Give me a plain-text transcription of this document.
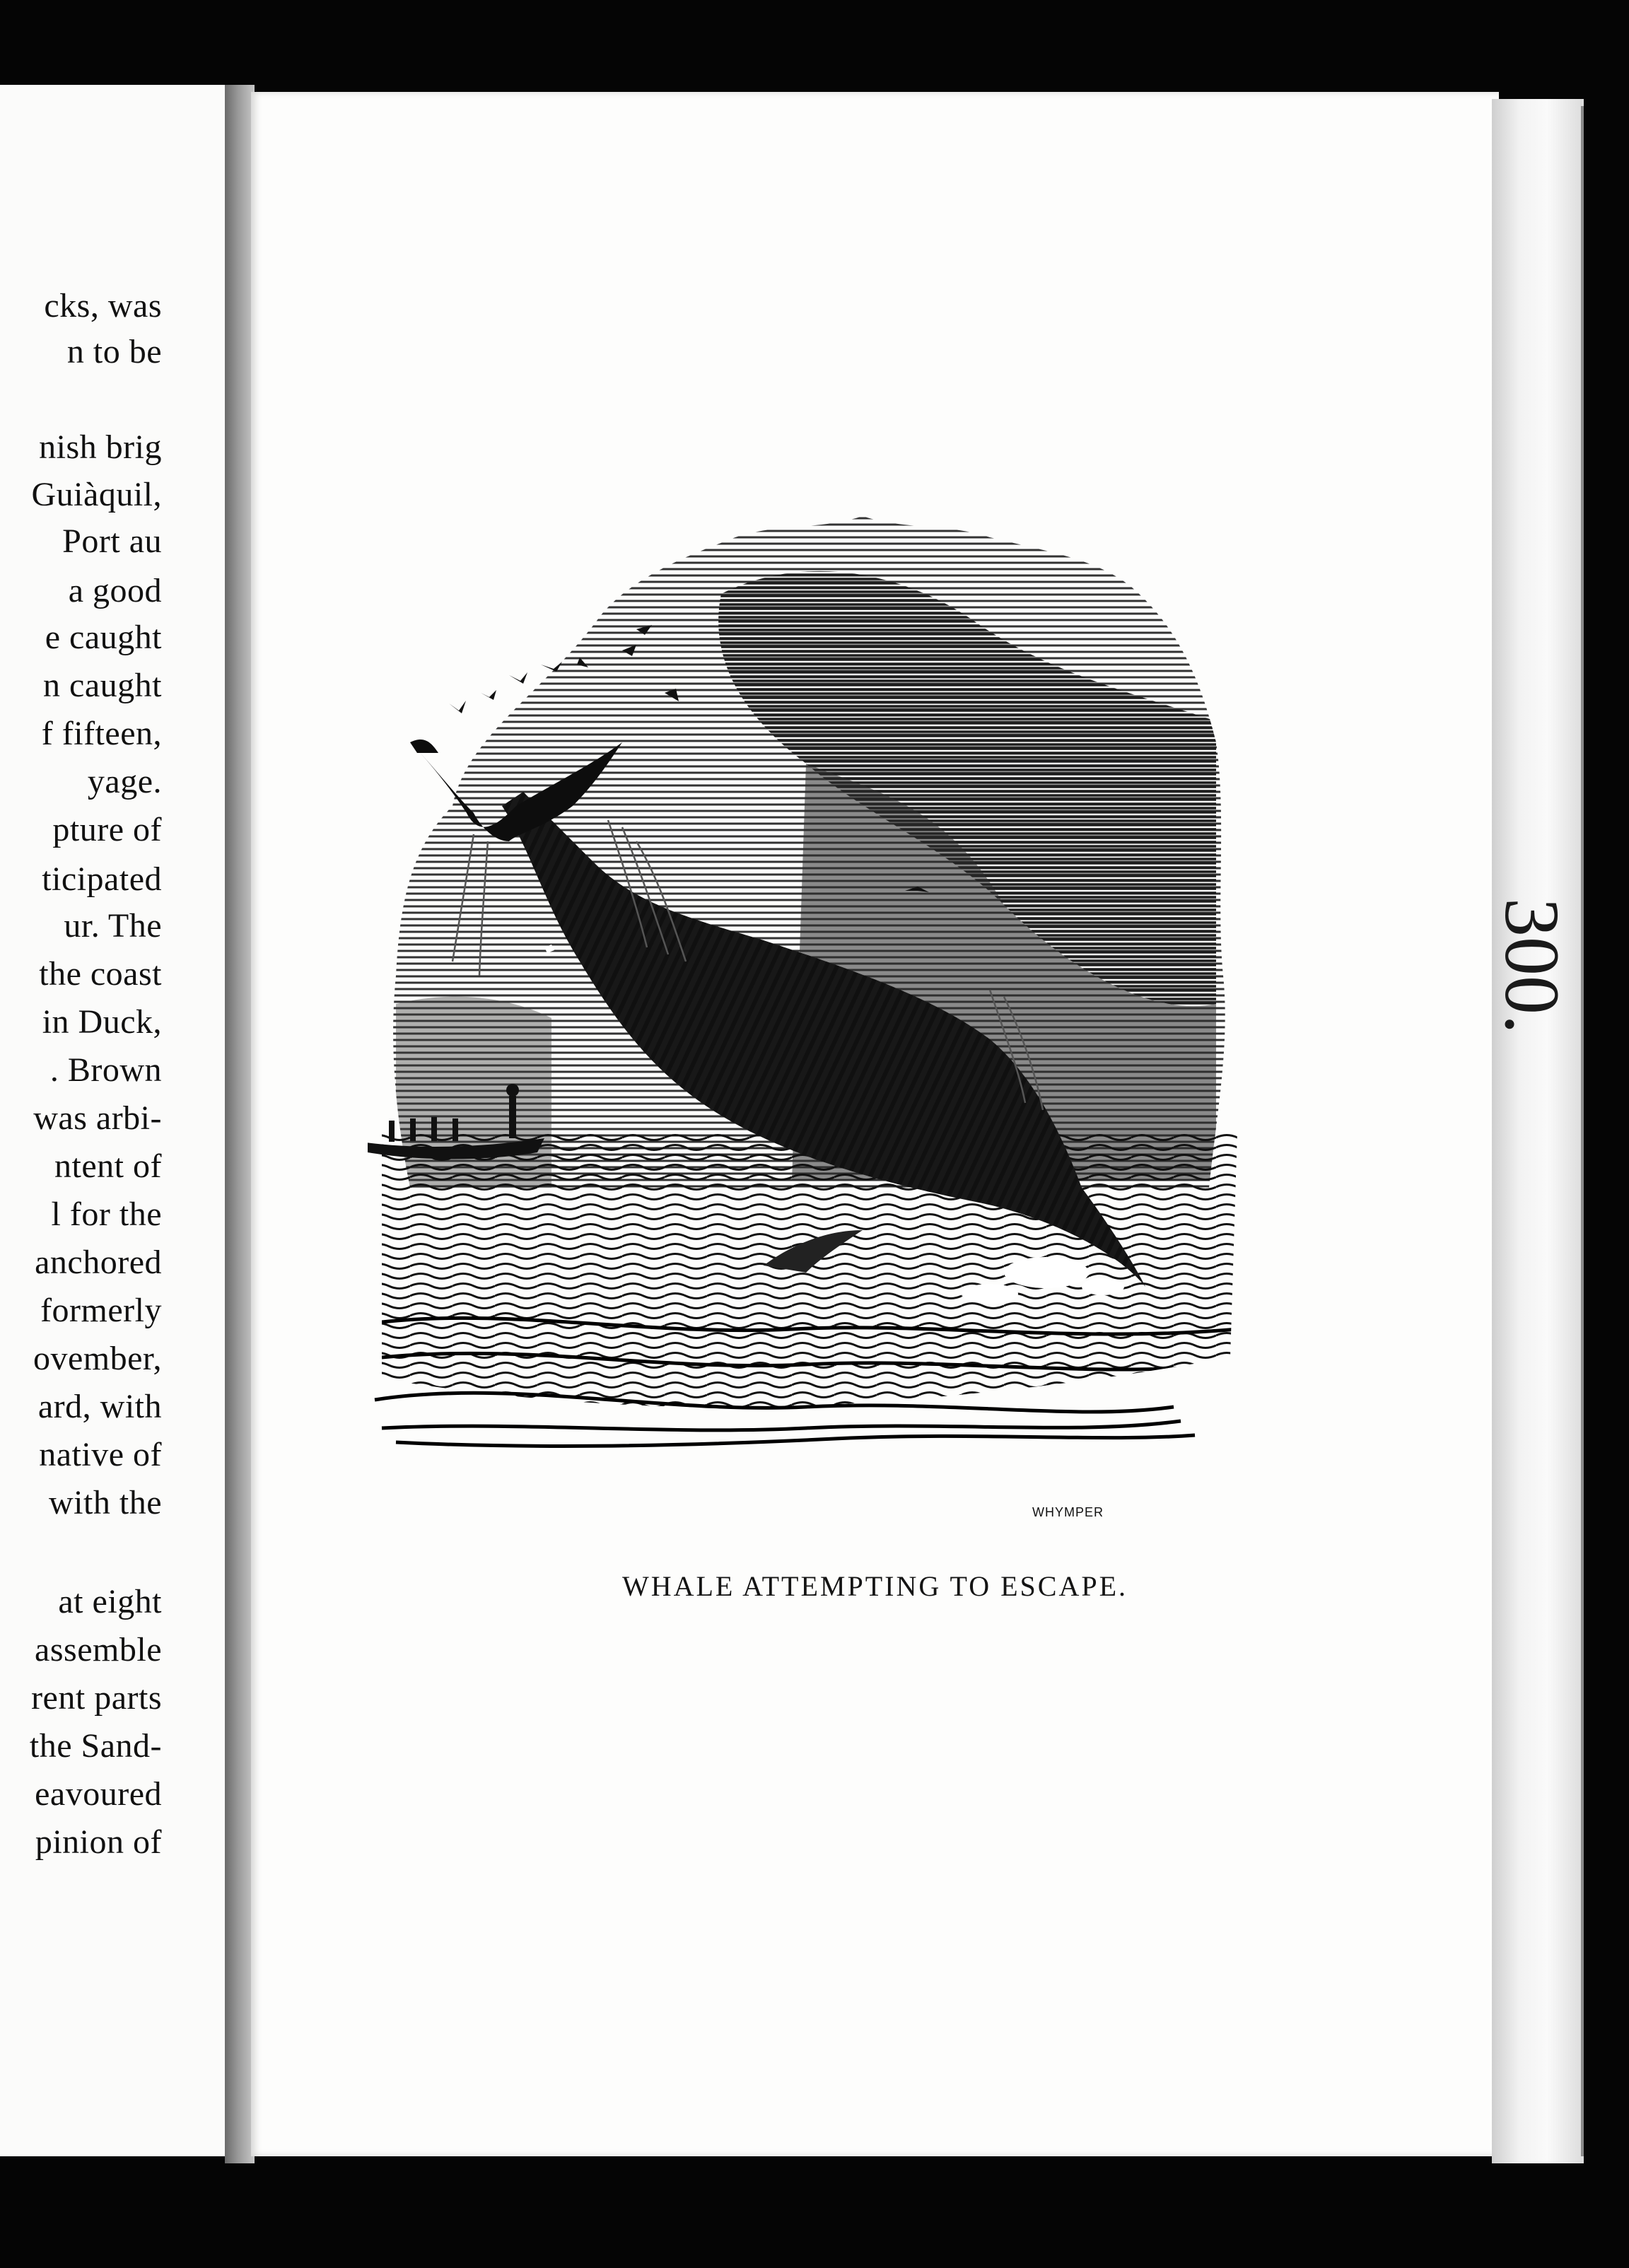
cks, was
n to be
nish brig
Guiàquil,
Port au
a good
e caught
n caught
f fifteen,
yage.
pture of
ticipated
ur. The
the coast
in Duck,
. Brown
was arbi-
ntent of
l for the
anchored
formerly
ovember,
ard, with
native of
with the
at eight
assemble
rent parts
the Sand-
eavoured
pinion of
300.
WHYMPER
WHALE ATTEMPTING TO ESCAPE.
